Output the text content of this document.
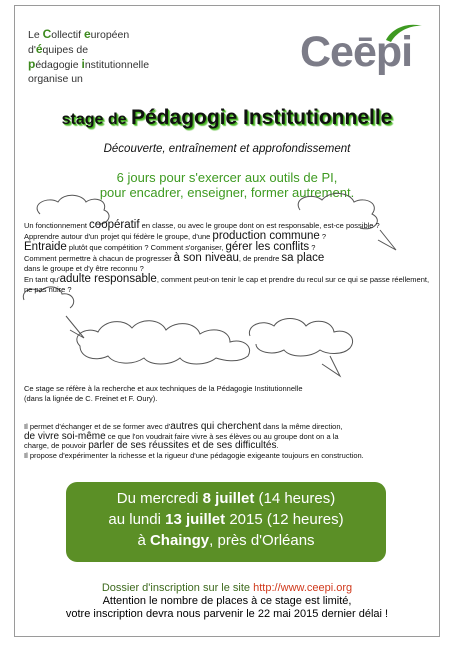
Le Collectif européen
d'équipes de
pédagogie institutionnelle
organise un
Ceēpi
stage de Pédagogie Institutionnelle
Découverte, entraînement et approfondissement
6 jours pour s'exercer aux outils de PI,
pour encadrer, enseigner, former autrement.

Un fonctionnement coopératif en classe, ou avec le groupe dont on est responsable, est-ce possible ?

Apprendre autour d'un projet qui fédère le groupe, d'une production commune ?

Entraide plutôt que compétition ? Comment s'organiser, gérer les conflits ?

Comment permettre à chacun de progresser à son niveau, de prendre sa place

dans le groupe et d'y être reconnu ?

En tant qu'adulte responsable, comment peut-on tenir le cap et prendre du recul sur ce qui se passe réellement, ne pas nuire ?

Ce stage se réfère à la recherche et aux techniques de la Pédagogie Institutionnelle

(dans la lignée de C. Freinet et F. Oury).

Il permet d'échanger et de se former avec d'autres qui cherchent dans la même direction,
de vivre soi-même ce que l'on voudrait faire vivre à ses élèves ou au groupe dont on a la
charge, de pouvoir parler de ses réussites et de ses difficultés.

Il propose d'expérimenter la richesse et la rigueur d'une pédagogie exigeante toujours en construction.

Du mercredi 8 juillet (14 heures)
au lundi 13 juillet 2015 (12 heures)
à Chaingy, près d'Orléans
Dossier d'inscription sur le site http://www.ceepi.org
Attention le nombre de places à ce stage est limité,
votre inscription devra nous parvenir le 22 mai 2015 dernier délai !
